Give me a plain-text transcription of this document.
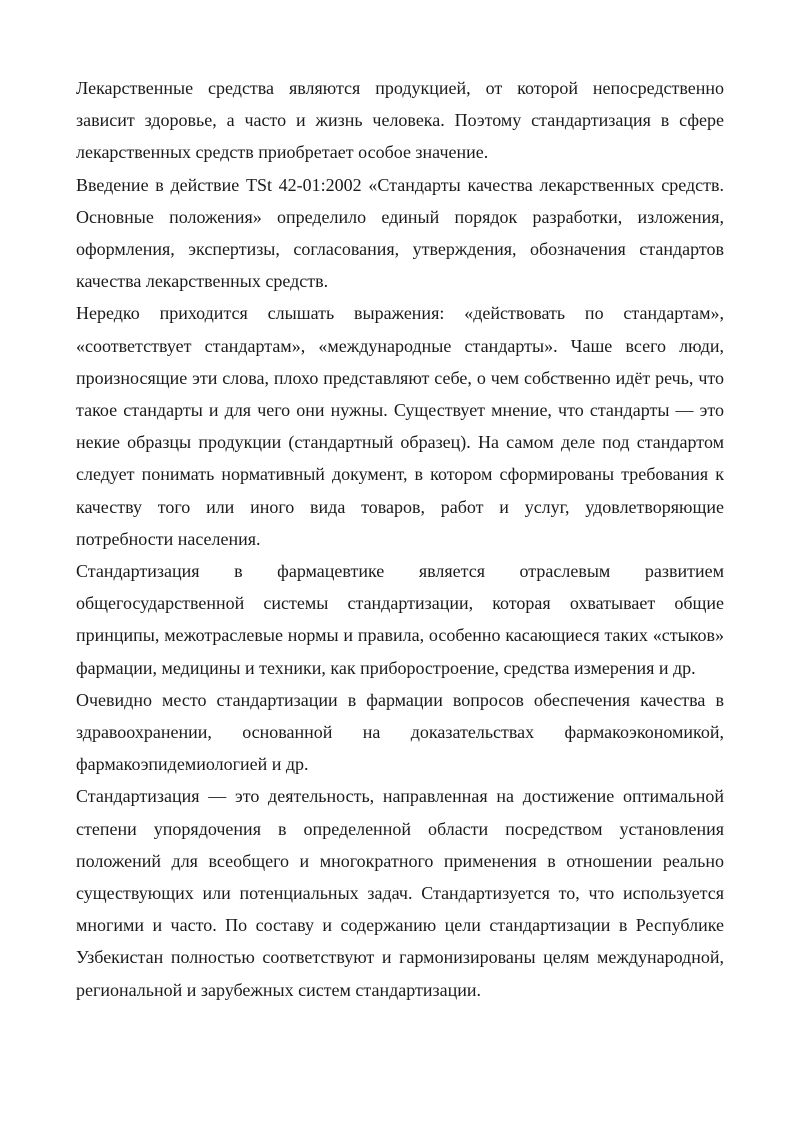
Лекарственные средства являются продукцией, от которой непосредственно зависит здоровье, а часто и жизнь человека. Поэтому стандартизация в сфере лекарственных средств приобретает особое значение.

Введение в действие TSt 42-01:2002 «Стандарты качества лекарственных средств. Основные положения» определило единый порядок разработки, изложения, оформления, экспертизы, согласования, утверждения, обозначения стандартов качества лекарственных средств.

Нередко приходится слышать выражения: «действовать по стандартам», «соответствует стандартам», «международные стандарты». Чаше всего люди, произносящие эти слова, плохо представляют себе, о чем собственно идёт речь, что такое стандарты и для чего они нужны. Существует мнение, что стандарты — это некие образцы продукции (стандартный образец). На самом деле под стандартом следует понимать нормативный документ, в котором сформированы требования к качеству того или иного вида товаров, работ и услуг, удовлетворяющие потребности населения.

Стандартизация в фармацевтике является отраслевым развитием общегосударственной системы стандартизации, которая охватывает общие принципы, межотраслевые нормы и правила, особенно касающиеся таких «стыков» фармации, медицины и техники, как приборостроение, средства измерения и др.

Очевидно место стандартизации в фармации вопросов обеспечения качества в здравоохранении, основанной на доказательствах фармакоэкономикой, фармакоэпидемиологией и др.

Стандартизация — это деятельность, направленная на достижение оптимальной степени упорядочения в определенной области посредством установления положений для всеобщего и многократного применения в отношении реально существующих или потенциальных задач. Стандартизуется то, что используется многими и часто. По составу и содержанию цели стандартизации в Республике Узбекистан полностью соответствуют и гармонизированы целям международной, региональной и зарубежных систем стандартизации.
